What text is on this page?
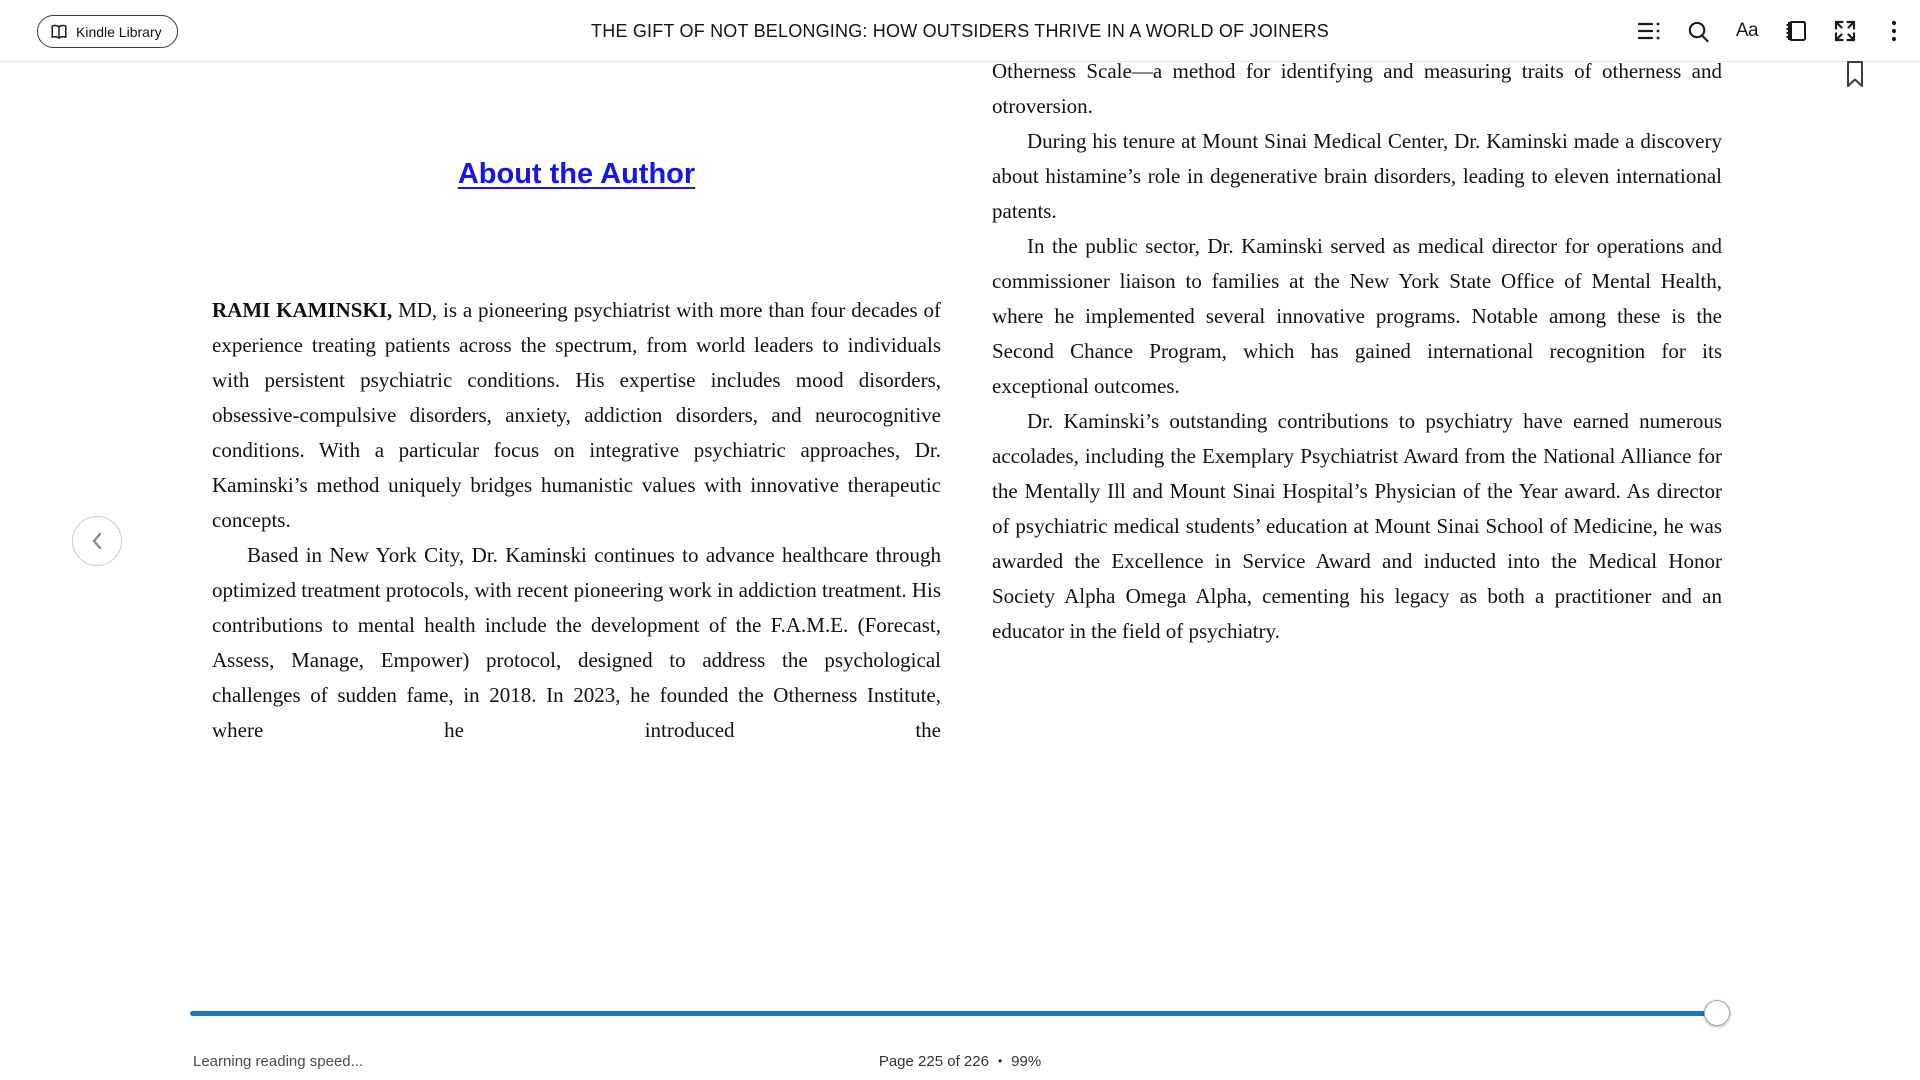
Kindle Library	THE GIFT OF NOT BELONGING: HOW OUTSIDERS THRIVE IN A WORLD OF JOINERS	Aa
About the Author

RAMI KAMINSKI, MD, is a pioneering psychiatrist with more than four decades of experience treating patients across the spectrum, from world leaders to individuals with persistent psychiatric conditions. His expertise includes mood disorders, obsessive-compulsive disorders, anxiety, addiction disorders, and neurocognitive conditions. With a particular focus on integrative psychiatric approaches, Dr. Kaminski’s method uniquely bridges humanistic values with innovative therapeutic concepts.

Based in New York City, Dr. Kaminski continues to advance healthcare through optimized treatment protocols, with recent pioneering work in addiction treatment. His contributions to mental health include the development of the F.A.M.E. (Forecast, Assess, Manage, Empower) protocol, designed to address the psychological challenges of sudden fame, in 2018. In 2023, he founded the Otherness Institute, where he introduced the

Otherness Scale—a method for identifying and measuring traits of otherness and otroversion.

During his tenure at Mount Sinai Medical Center, Dr. Kaminski made a discovery about histamine’s role in degenerative brain disorders, leading to eleven international patents.

In the public sector, Dr. Kaminski served as medical director for operations and commissioner liaison to families at the New York State Office of Mental Health, where he implemented several innovative programs. Notable among these is the Second Chance Program, which has gained international recognition for its exceptional outcomes.

Dr. Kaminski’s outstanding contributions to psychiatry have earned numerous accolades, including the Exemplary Psychiatrist Award from the National Alliance for the Mentally Ill and Mount Sinai Hospital’s Physician of the Year award. As director of psychiatric medical students’ education at Mount Sinai School of Medicine, he was awarded the Excellence in Service Award and inducted into the Medical Honor Society Alpha Omega Alpha, cementing his legacy as both a practitioner and an educator in the field of psychiatry.

Learning reading speed...	Page 225 of 226 • 99%
